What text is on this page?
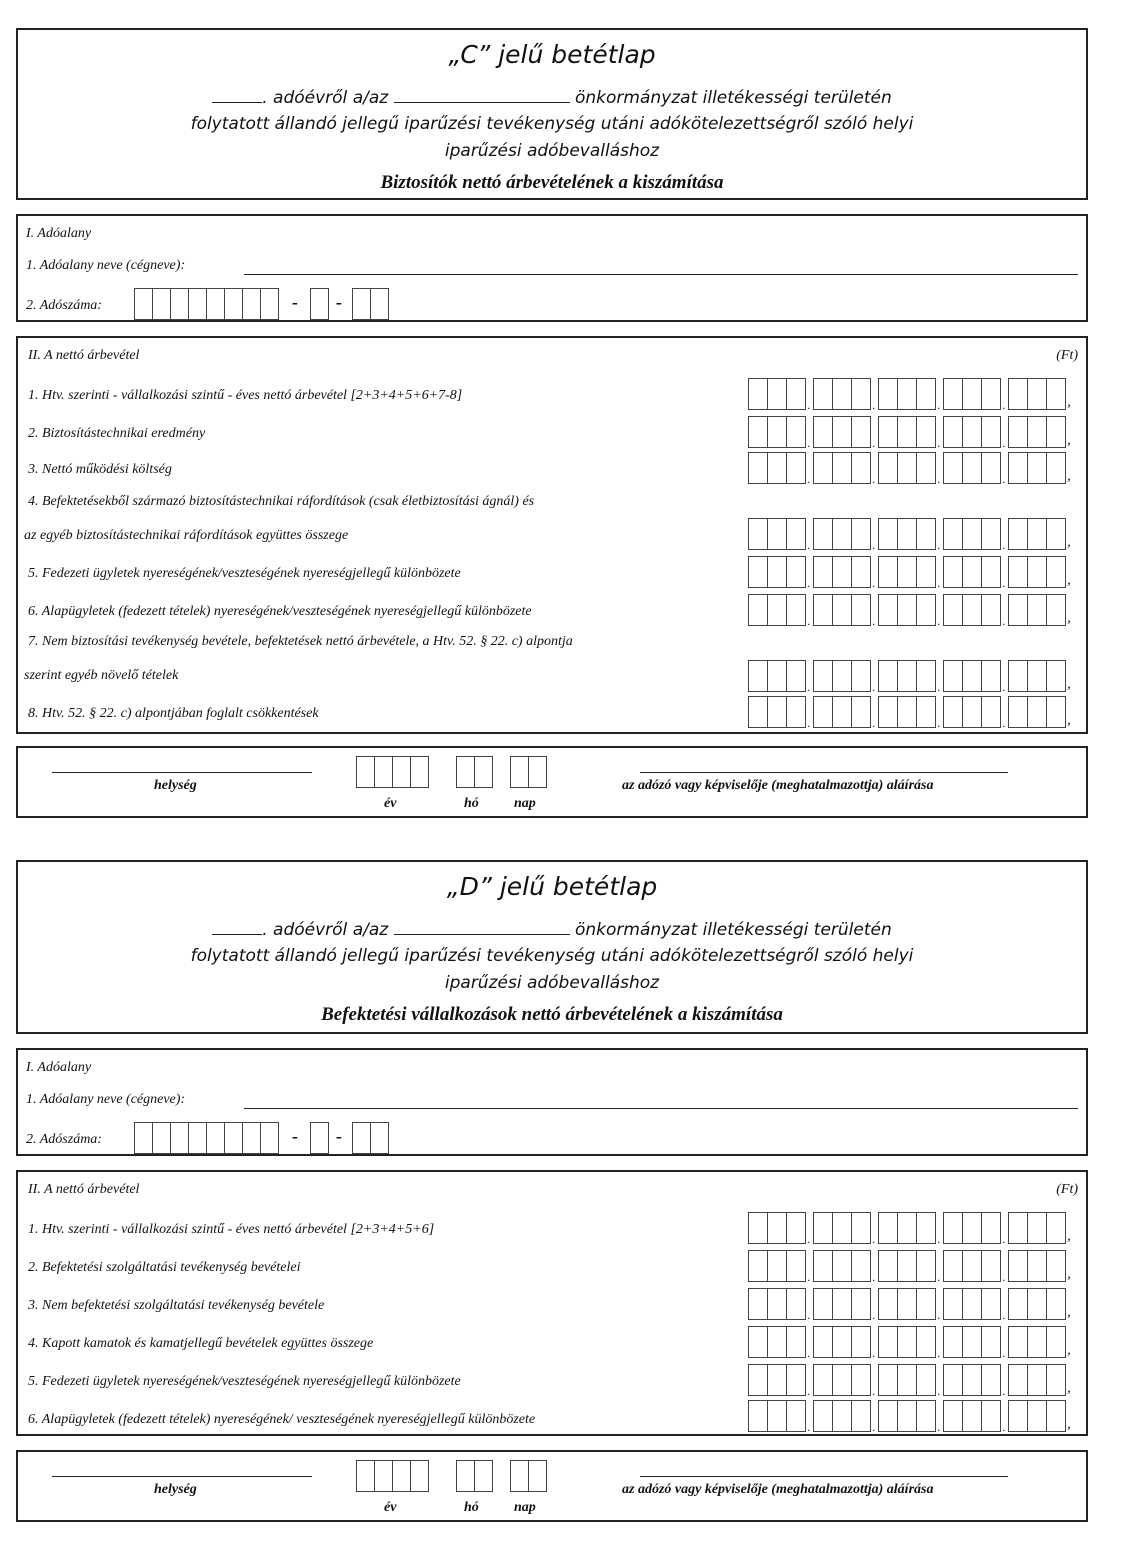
„C” jelű betétlap
. adóévről a/az	önkormányzat illetékességi területén
folytatott állandó jellegű iparűzési tevékenység utáni adókötelezettségről szóló helyi
iparűzési adóbevalláshoz
Biztosítók nettó árbevételének a kiszámítása
I. Adóalany
1. Adóalany neve (cégneve):
2. Adószáma:	- -
II. A nettó árbevétel	(Ft)
1. Htv. szerinti - vállalkozási szintű - éves nettó árbevétel [2+3+4+5+6+7-8]
.	.	.	.	,
2. Biztosítástechnikai eredmény
.	.	.	.	,
3. Nettó működési költség
.	.	.	.	,
4. Befektetésekből származó biztosítástechnikai ráfordítások (csak életbiztosítási ágnál) és
az egyéb biztosítástechnikai ráfordítások együttes összege
.	.	.	.	,
5. Fedezeti ügyletek nyereségének/veszteségének nyereségjellegű különbözete
.	.	.	.	,
6. Alapügyletek (fedezett tételek) nyereségének/veszteségének nyereségjellegű különbözete
.	.	.	.	,
7. Nem biztosítási tevékenység bevétele, befektetések nettó árbevétele, a Htv. 52. § 22. c) alpontja
szerint egyéb növelő tételek
.	.	.	.	,
8. Htv. 52. § 22. c) alpontjában foglalt csökkentések
.	.	.	.	,
helység
év	hó	nap
az adózó vagy képviselője (meghatalmazottja) aláírása
„D” jelű betétlap
. adóévről a/az	önkormányzat illetékességi területén
folytatott állandó jellegű iparűzési tevékenység utáni adókötelezettségről szóló helyi
iparűzési adóbevalláshoz
Befektetési vállalkozások nettó árbevételének a kiszámítása
I. Adóalany
1. Adóalany neve (cégneve):
2. Adószáma:	- -
II. A nettó árbevétel	(Ft)
1. Htv. szerinti - vállalkozási szintű - éves nettó árbevétel [2+3+4+5+6]
.	.	.	.	,
2. Befektetési szolgáltatási tevékenység bevételei
.	.	.	.	,
3. Nem befektetési szolgáltatási tevékenység bevétele
.	.	.	.	,
4. Kapott kamatok és kamatjellegű bevételek együttes összege
.	.	.	.	,
5. Fedezeti ügyletek nyereségének/veszteségének nyereségjellegű különbözete
.	.	.	.	,
6. Alapügyletek (fedezett tételek) nyereségének/ veszteségének nyereségjellegű különbözete	.	.	.	.	,
helység
év	hó	nap
az adózó vagy képviselője (meghatalmazottja) aláírása
